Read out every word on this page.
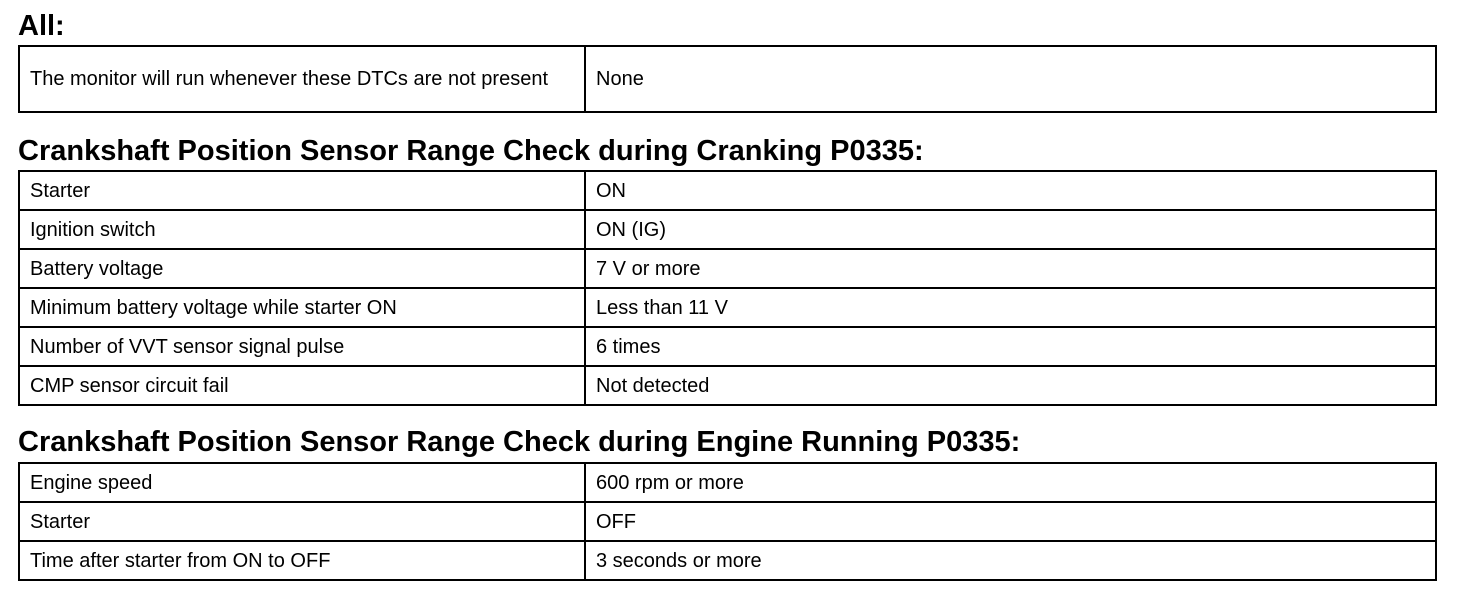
All:
The monitor will run whenever these DTCs are not present	None
Crankshaft Position Sensor Range Check during Cranking P0335:
Starter	ON
Ignition switch	ON (IG)
Battery voltage	7 V or more
Minimum battery voltage while starter ON	Less than 11 V
Number of VVT sensor signal pulse	6 times
CMP sensor circuit fail	Not detected
Crankshaft Position Sensor Range Check during Engine Running P0335:
Engine speed	600 rpm or more
Starter	OFF
Time after starter from ON to OFF	3 seconds or more
